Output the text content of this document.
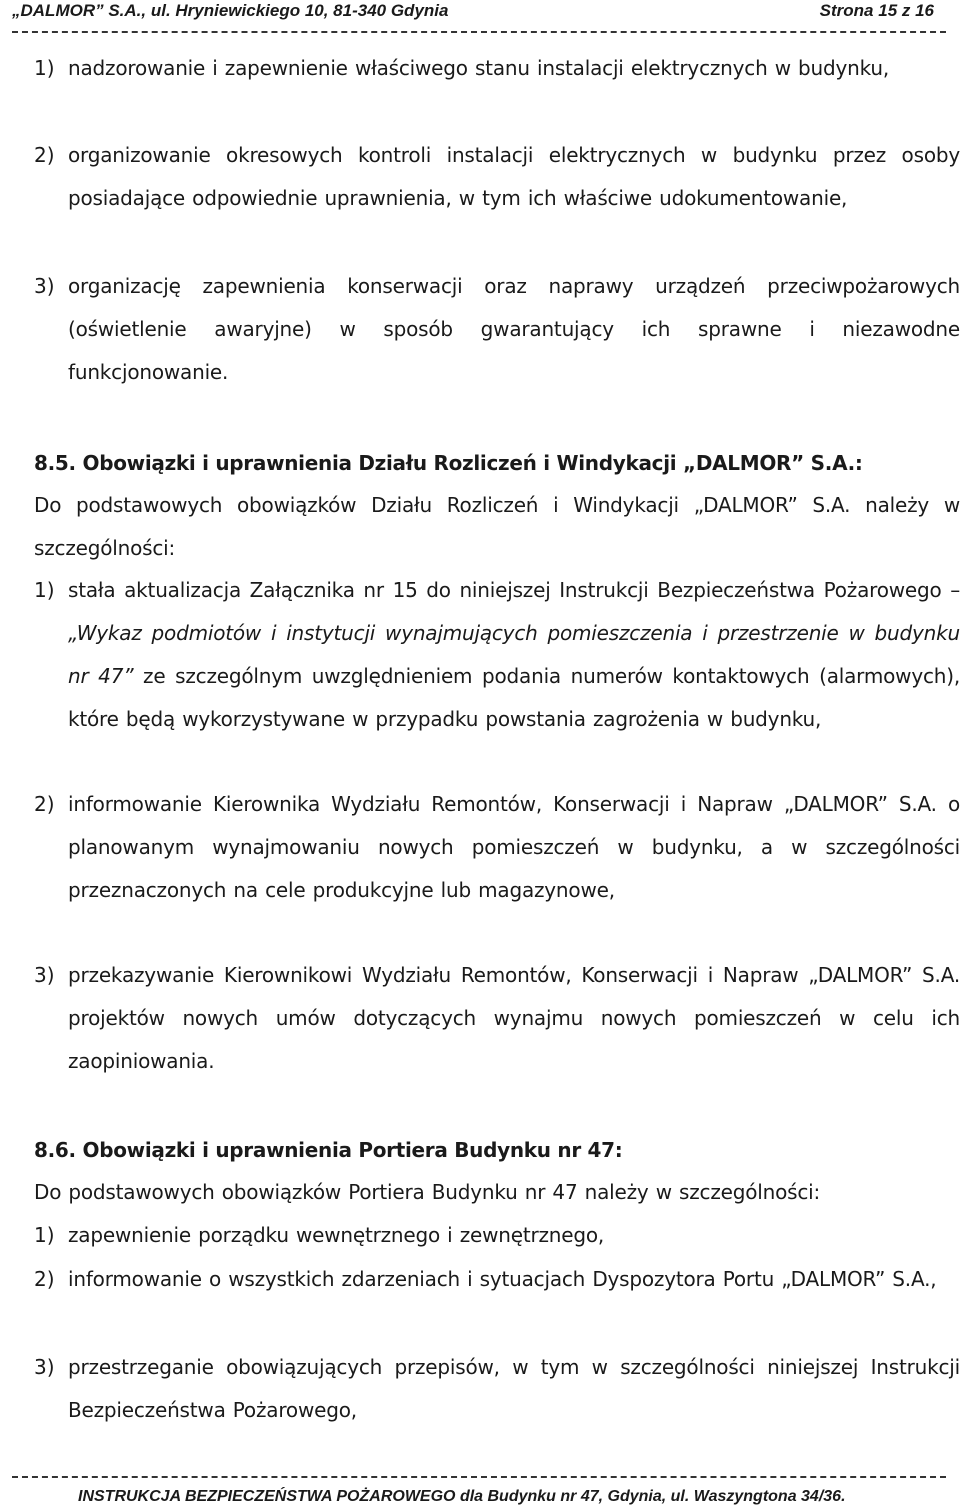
„DALMOR” S.A., ul. Hryniewickiego 10, 81-340 Gdynia	Strona 15 z 16
1) nadzorowanie i zapewnienie właściwego stanu instalacji elektrycznych w budynku,
2) organizowanie okresowych kontroli instalacji elektrycznych w budynku przez osoby posiadające odpowiednie uprawnienia, w tym ich właściwe udokumentowanie,
3) organizację zapewnienia konserwacji oraz naprawy urządzeń przeciwpożarowych (oświetlenie awaryjne) w sposób gwarantujący ich sprawne i niezawodne funkcjonowanie.
8.5. Obowiązki i uprawnienia Działu Rozliczeń i Windykacji „DALMOR” S.A.:
Do podstawowych obowiązków Działu Rozliczeń i Windykacji „DALMOR” S.A. należy w szczególności:
1) stała aktualizacja Załącznika nr 15 do niniejszej Instrukcji Bezpieczeństwa Pożarowego – „Wykaz podmiotów i instytucji wynajmujących pomieszczenia i przestrzenie w budynku nr 47” ze szczególnym uwzględnieniem podania numerów kontaktowych (alarmowych), które będą wykorzystywane w przypadku powstania zagrożenia w budynku,
2) informowanie Kierownika Wydziału Remontów, Konserwacji i Napraw „DALMOR” S.A. o planowanym wynajmowaniu nowych pomieszczeń w budynku, a w szczególności przeznaczonych na cele produkcyjne lub magazynowe,
3) przekazywanie Kierownikowi Wydziału Remontów, Konserwacji i Napraw „DALMOR” S.A. projektów nowych umów dotyczących wynajmu nowych pomieszczeń w celu ich zaopiniowania.
8.6. Obowiązki i uprawnienia Portiera Budynku nr 47:
Do podstawowych obowiązków Portiera Budynku nr 47 należy w szczególności:
1) zapewnienie porządku wewnętrznego i zewnętrznego,
2) informowanie o wszystkich zdarzeniach i sytuacjach Dyspozytora Portu „DALMOR” S.A.,
3) przestrzeganie obowiązujących przepisów, w tym w szczególności niniejszej Instrukcji Bezpieczeństwa Pożarowego,
INSTRUKCJA BEZPIECZEŃSTWA POŻAROWEGO dla Budynku nr 47, Gdynia, ul. Waszyngtona 34/36.
